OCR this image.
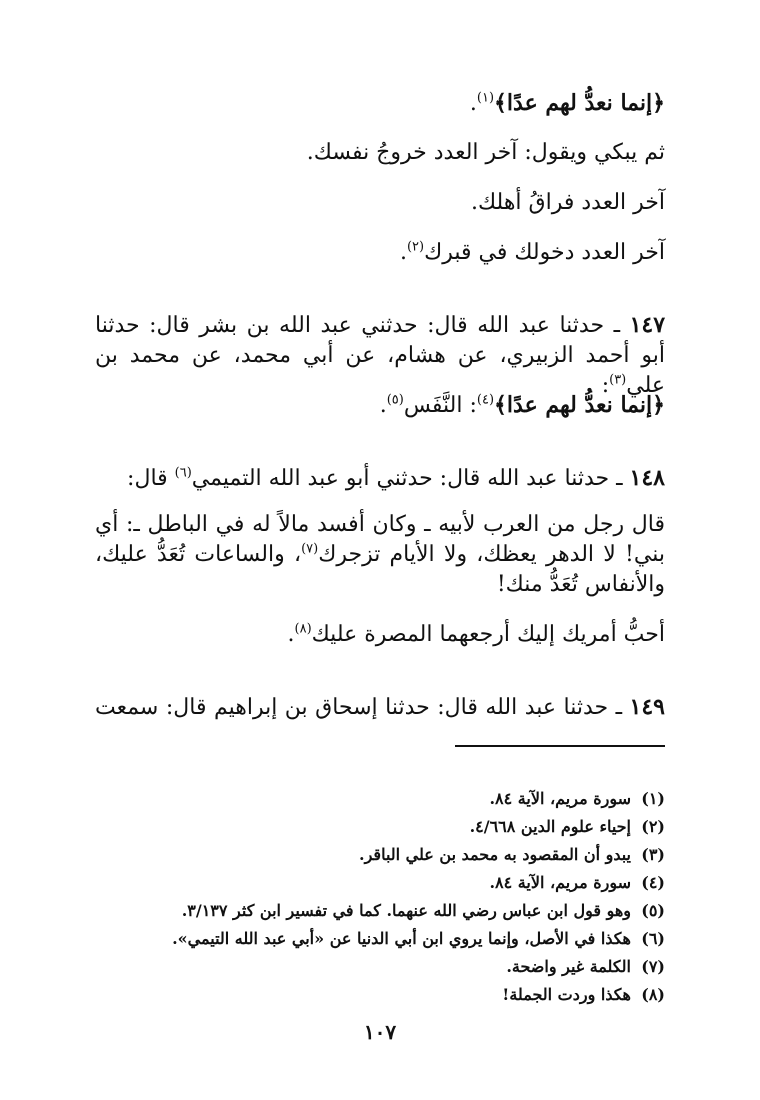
﴿إنما نعدُّ لهم عدًا﴾$^{(١)}$.
ثم يبكي ويقول: آخر العدد خروجُ نفسك.
آخر العدد فراقُ أهلك.
آخر العدد دخولك في قبرك$^{(٢)}$.

١٤٧ ـ حدثنا عبد الله قال: حدثني عبد الله بن بشر قال: حدثنا أبو أحمد الزبيري، عن هشام، عن أبي محمد، عن محمد بن علي$^{(٣)}$:

﴿إنما نعدُّ لهم عدًا﴾$^{(٤)}$: النَّفَس$^{(٥)}$.
١٤٨ ـ حدثنا عبد الله قال: حدثني أبو عبد الله التميمي$^{(٦)}$ قال:

قال رجل من العرب لأبيه ـ وكان أفسد مالاً له في الباطل ـ: أي بني! لا الدهر يعظك، ولا الأيام تزجرك$^{(٧)}$، والساعات تُعَدُّ عليك، والأنفاس تُعَدُّ منك!

أحبُّ أمريك إليك أرجعهما المصرة عليك$^{(٨)}$.
١٤٩ ـ حدثنا عبد الله قال: حدثنا إسحاق بن إبراهيم قال: سمعت
(١)سورة مريم، الآية ٨٤.
(٢)إحياء علوم الدين ٤/٦٦٨.
(٣)يبدو أن المقصود به محمد بن علي الباقر.
(٤)سورة مريم، الآية ٨٤.
(٥)وهو قول ابن عباس رضي الله عنهما. كما في تفسير ابن كثر ٣/١٣٧.
(٦)هكذا في الأصل، وإنما يروي ابن أبي الدنيا عن «أبي عبد الله التيمي».
(٧)الكلمة غير واضحة.
(٨)هكذا وردت الجملة!
١٠٧
